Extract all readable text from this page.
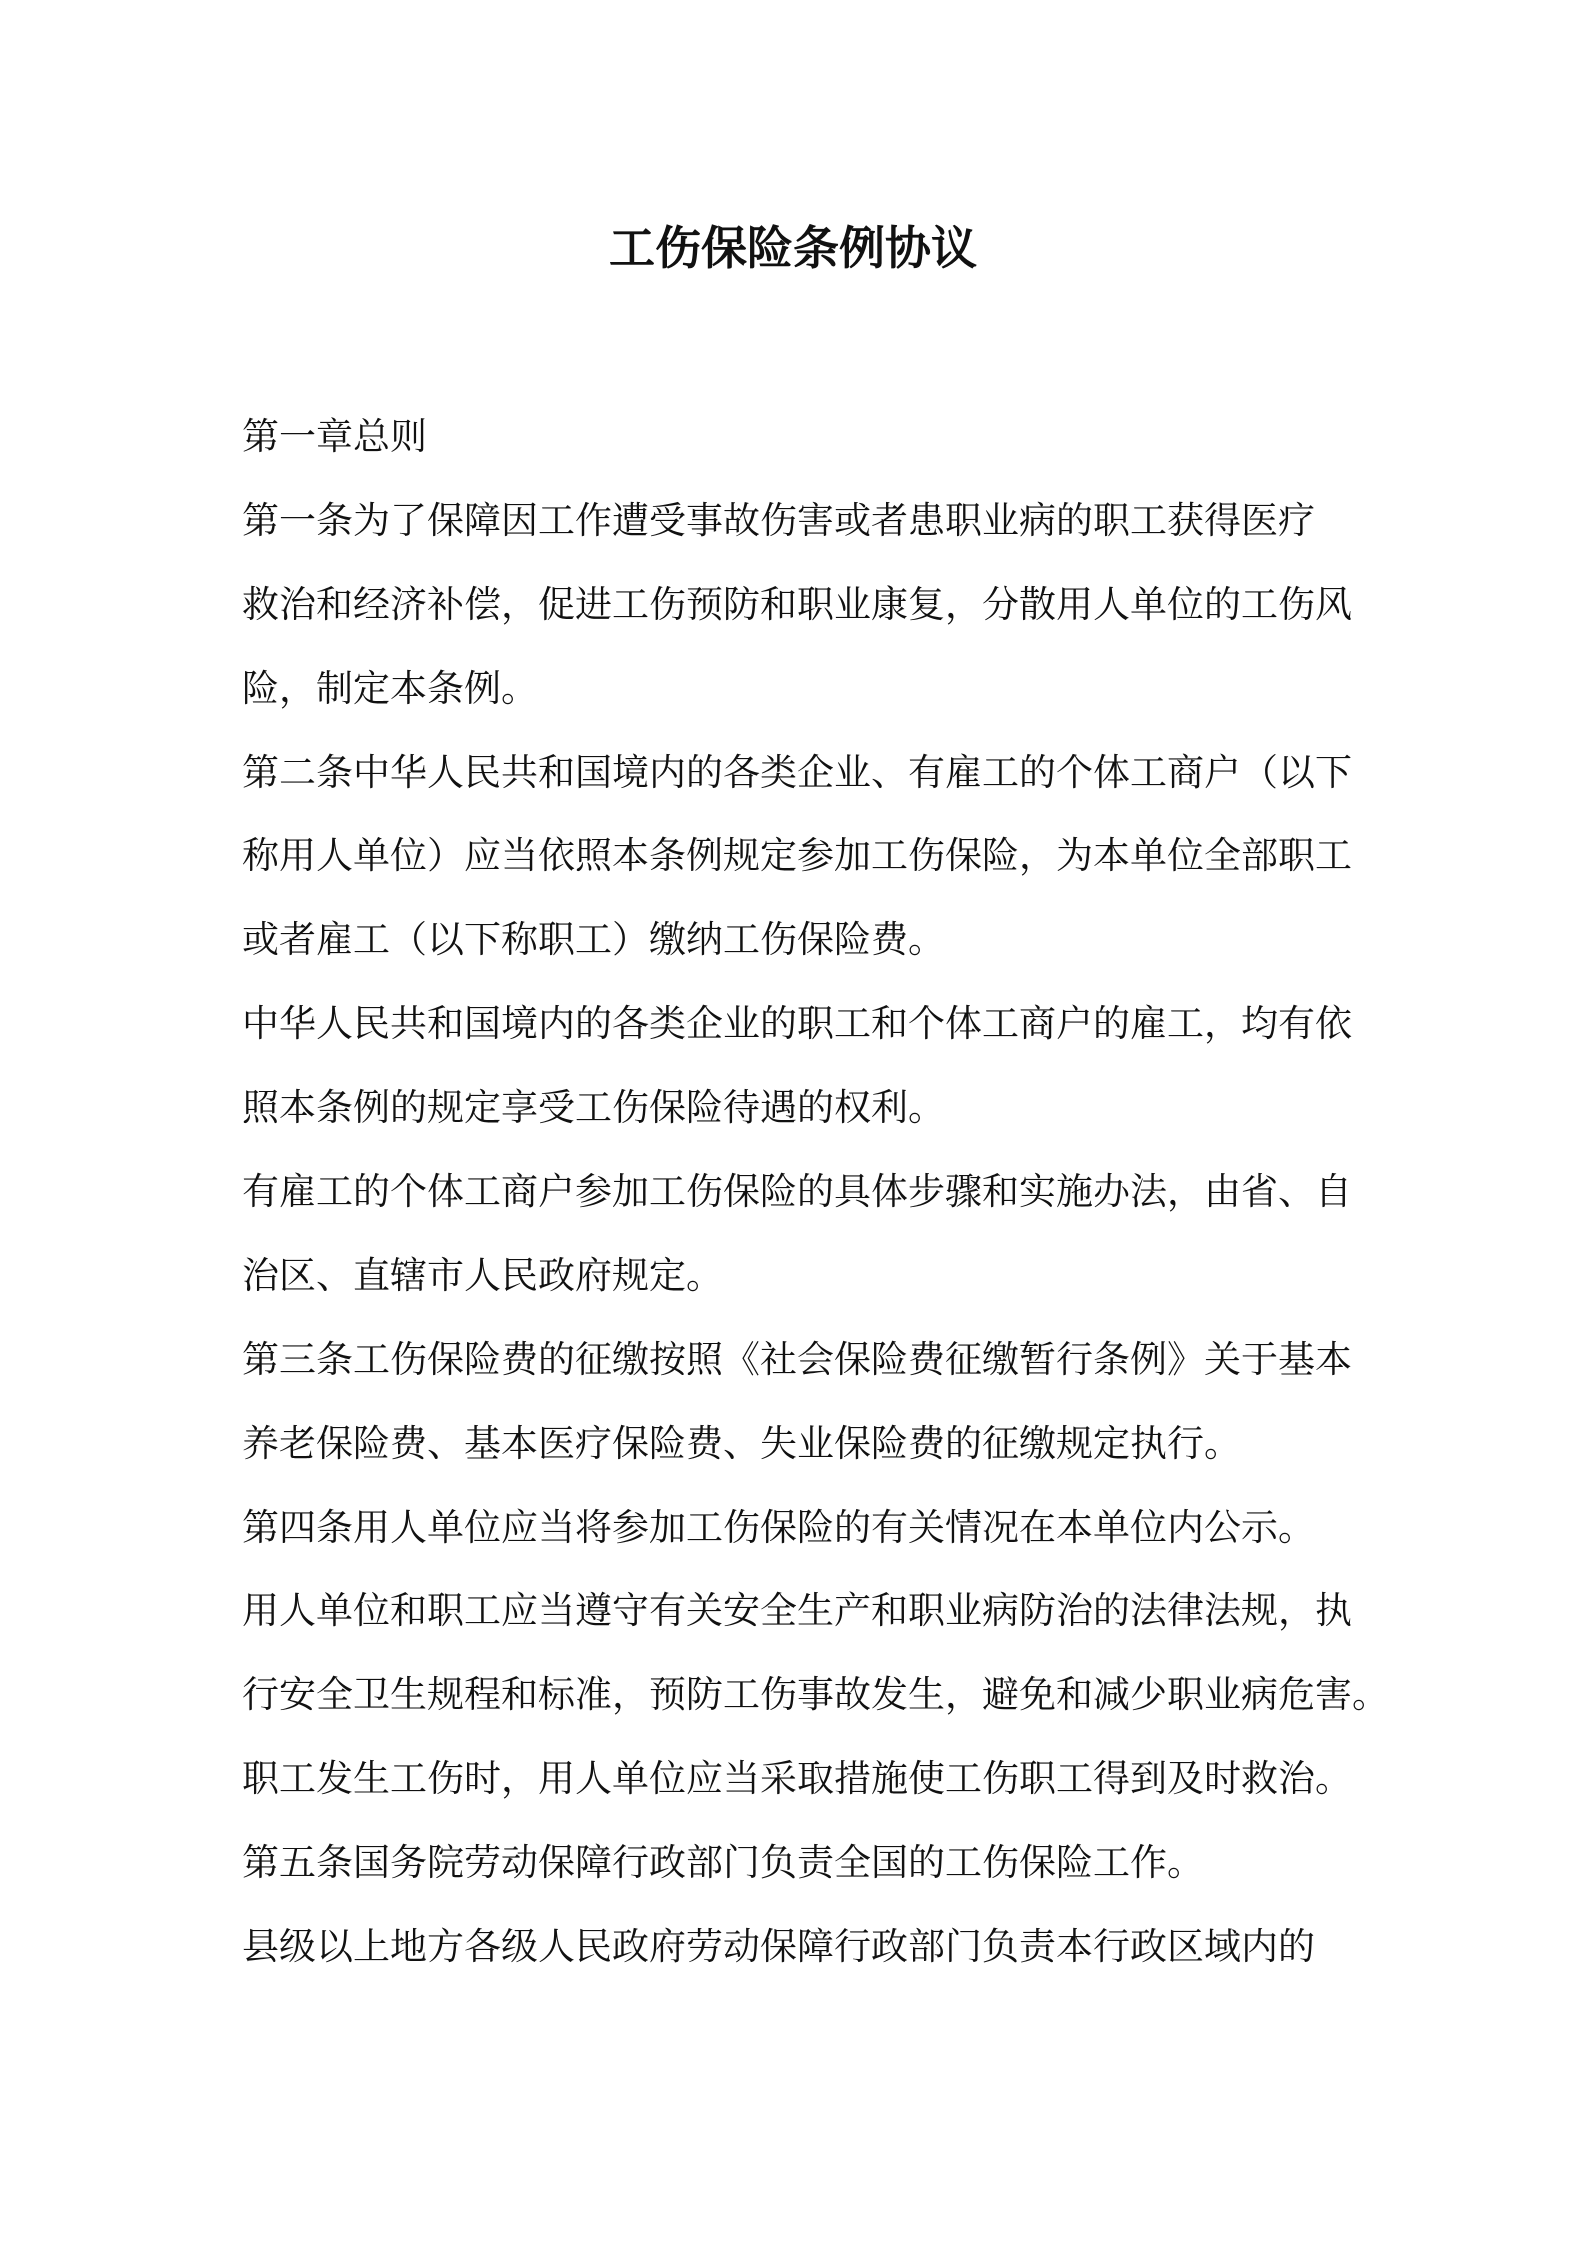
工伤保险条例协议
第一章总则
第一条为了保障因工作遭受事故伤害或者患职业病的职工获得医疗
救治和经济补偿，促进工伤预防和职业康复，分散用人单位的工伤风
险，制定本条例。
第二条中华人民共和国境内的各类企业、有雇工的个体工商户（以下
称用人单位）应当依照本条例规定参加工伤保险，为本单位全部职工
或者雇工（以下称职工）缴纳工伤保险费。
中华人民共和国境内的各类企业的职工和个体工商户的雇工，均有依
照本条例的规定享受工伤保险待遇的权利。
有雇工的个体工商户参加工伤保险的具体步骤和实施办法，由省、自
治区、直辖市人民政府规定。
第三条工伤保险费的征缴按照《社会保险费征缴暂行条例》关于基本
养老保险费、基本医疗保险费、失业保险费的征缴规定执行。
第四条用人单位应当将参加工伤保险的有关情况在本单位内公示。
用人单位和职工应当遵守有关安全生产和职业病防治的法律法规，执
行安全卫生规程和标准，预防工伤事故发生，避免和减少职业病危害。
职工发生工伤时，用人单位应当采取措施使工伤职工得到及时救治。
第五条国务院劳动保障行政部门负责全国的工伤保险工作。
县级以上地方各级人民政府劳动保障行政部门负责本行政区域内的
